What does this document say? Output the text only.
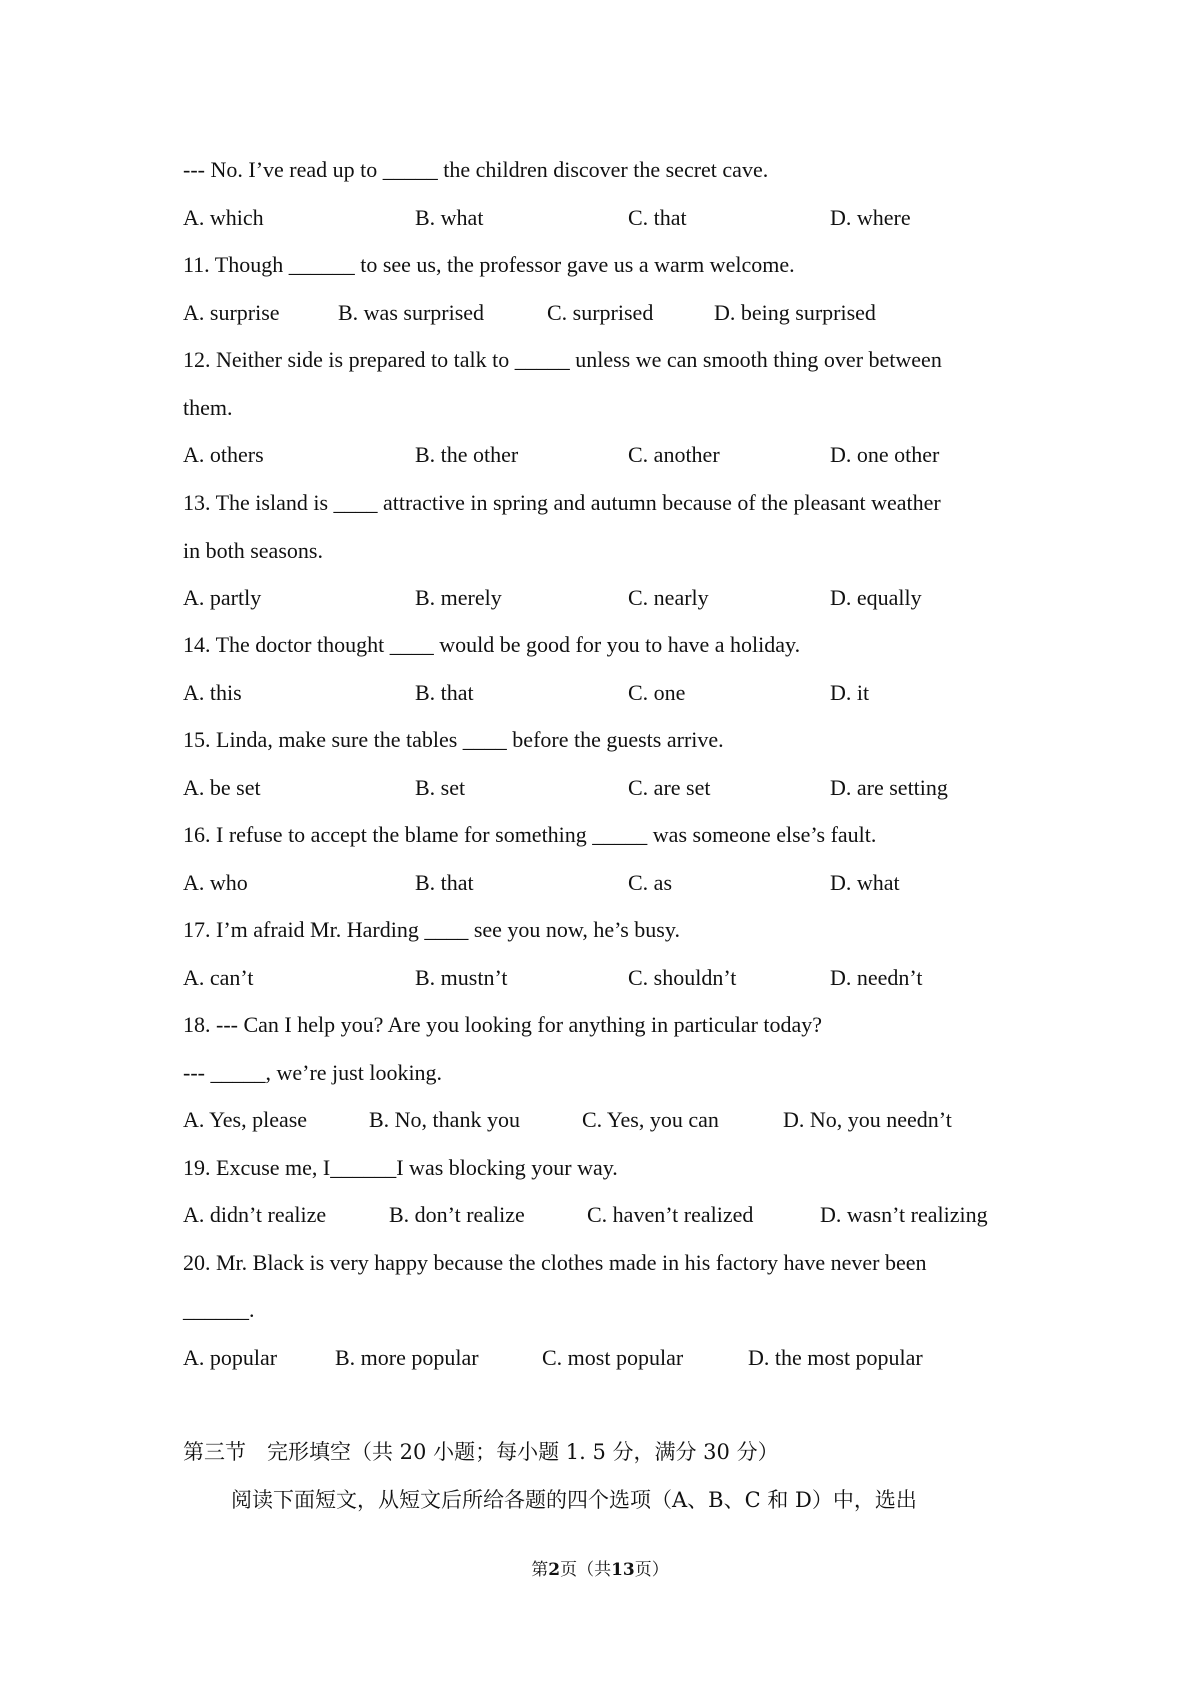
--- No. I’ve read up to _____ the children discover the secret cave.
A. which	B. what	C. that	D. where
11. Though ______ to see us, the professor gave us a warm welcome.
A. surprise	B. was surprised	C. surprised	D. being surprised
12. Neither side is prepared to talk to _____ unless we can smooth thing over between
them.
A. others	B. the other	C. another	D. one other
13. The island is ____ attractive in spring and autumn because of the pleasant weather
in both seasons.
A. partly	B. merely	C. nearly	D. equally
14. The doctor thought ____ would be good for you to have a holiday.
A. this	B. that	C. one	D. it
15. Linda, make sure the tables ____ before the guests arrive.
A. be set	B. set	C. are set	D. are setting
16. I refuse to accept the blame for something _____ was someone else’s fault.
A. who	B. that	C. as	D. what
17. I’m afraid Mr. Harding ____ see you now, he’s busy.
A. can’t	B. mustn’t	C. shouldn’t	D. needn’t
18. --- Can I help you? Are you looking for anything in particular today?
--- _____, we’re just looking.
A. Yes, please	B. No, thank you	C. Yes, you can	D. No, you needn’t
19. Excuse me, I______I was blocking your way.
A. didn’t realize	B. don’t realize	C. haven’t realized	D. wasn’t realizing
20. Mr. Black is very happy because the clothes made in his factory have never been
______.
A. popular	B. more popular	C. most popular	D. the most popular
第三节　完形填空（共 20 小题；每小题 1. 5 分，满分 30 分）
阅读下面短文，从短文后所给各题的四个选项（A、B、C 和 D）中，选出
第2页（共13页）
